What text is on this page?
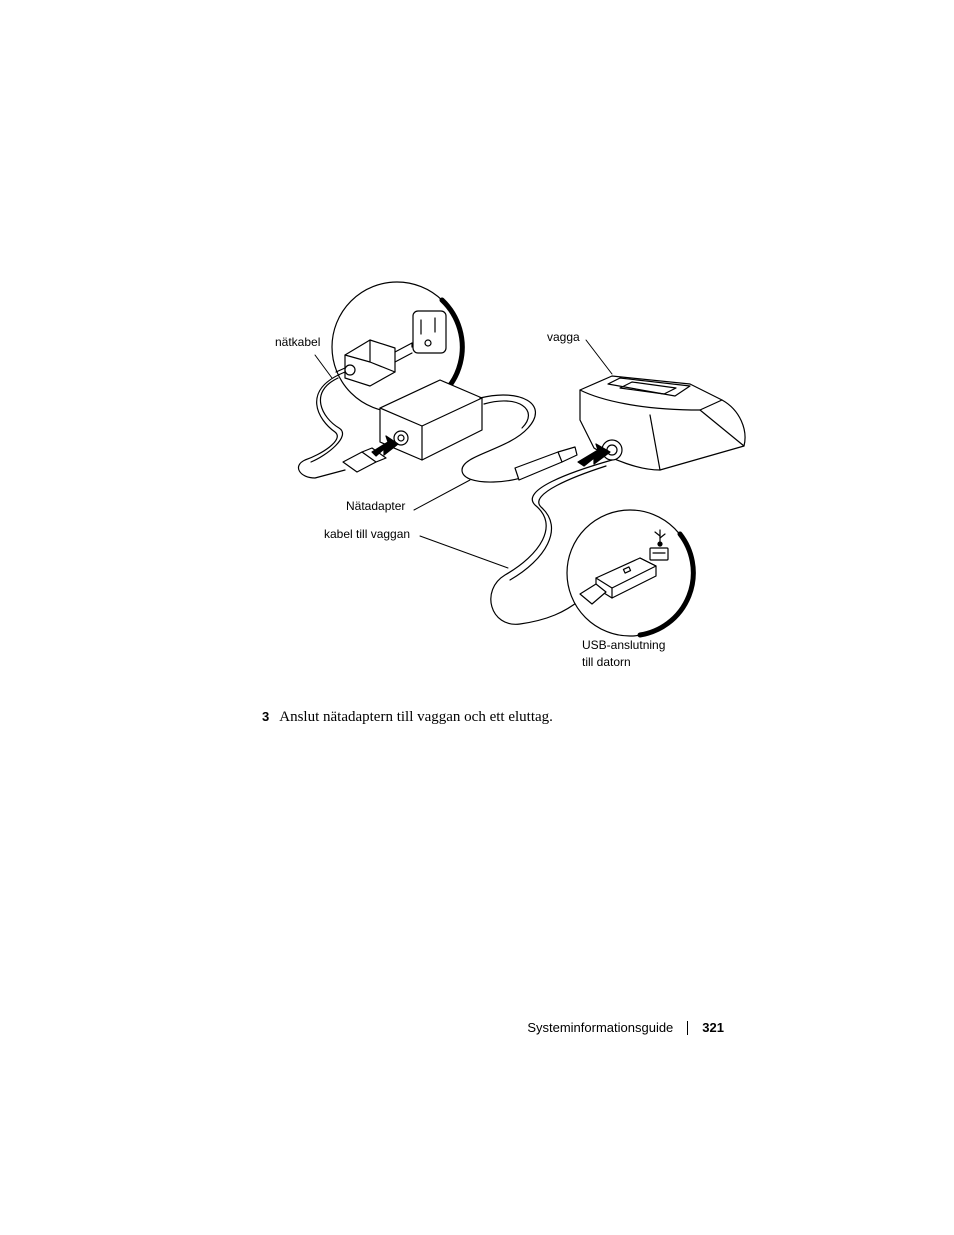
nätkabel	vagga
Nätadapter
kabel till vaggan
USB-anslutning
till datorn
3 Anslut nätadaptern till vaggan och ett eluttag.
Systeminformationsguide 321
